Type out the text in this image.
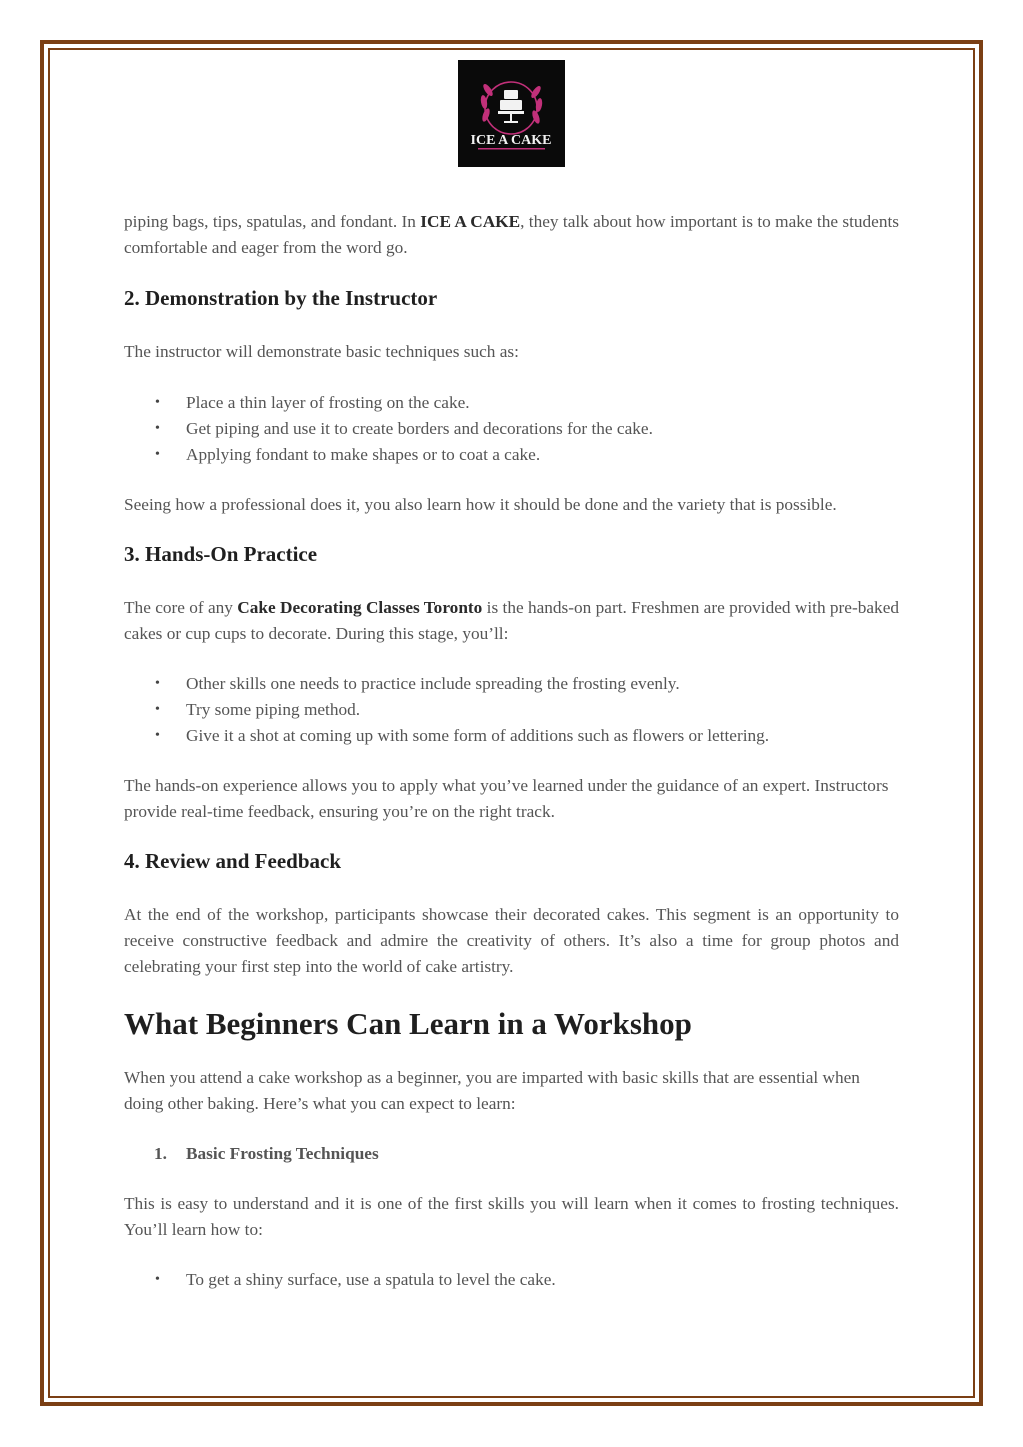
ICE A CAKE

piping bags, tips, spatulas, and fondant. In ICE A CAKE, they talk about how important is to make the students comfortable and eager from the word go.

2. Demonstration by the Instructor

The instructor will demonstrate basic techniques such as:

• Place a thin layer of frosting on the cake.
• Get piping and use it to create borders and decorations for the cake.
• Applying fondant to make shapes or to coat a cake.

Seeing how a professional does it, you also learn how it should be done and the variety that is possible.

3. Hands-On Practice

The core of any Cake Decorating Classes Toronto is the hands-on part. Freshmen are provided with pre-baked cakes or cup cups to decorate. During this stage, you’ll:

• Other skills one needs to practice include spreading the frosting evenly.
• Try some piping method.
• Give it a shot at coming up with some form of additions such as flowers or lettering.

The hands-on experience allows you to apply what you’ve learned under the guidance of an expert. Instructors provide real-time feedback, ensuring you’re on the right track.

4. Review and Feedback

At the end of the workshop, participants showcase their decorated cakes. This segment is an opportunity to receive constructive feedback and admire the creativity of others. It’s also a time for group photos and celebrating your first step into the world of cake artistry.

What Beginners Can Learn in a Workshop

When you attend a cake workshop as a beginner, you are imparted with basic skills that are essential when doing other baking. Here’s what you can expect to learn:

1. Basic Frosting Techniques

This is easy to understand and it is one of the first skills you will learn when it comes to frosting techniques. You’ll learn how to:

• To get a shiny surface, use a spatula to level the cake.
